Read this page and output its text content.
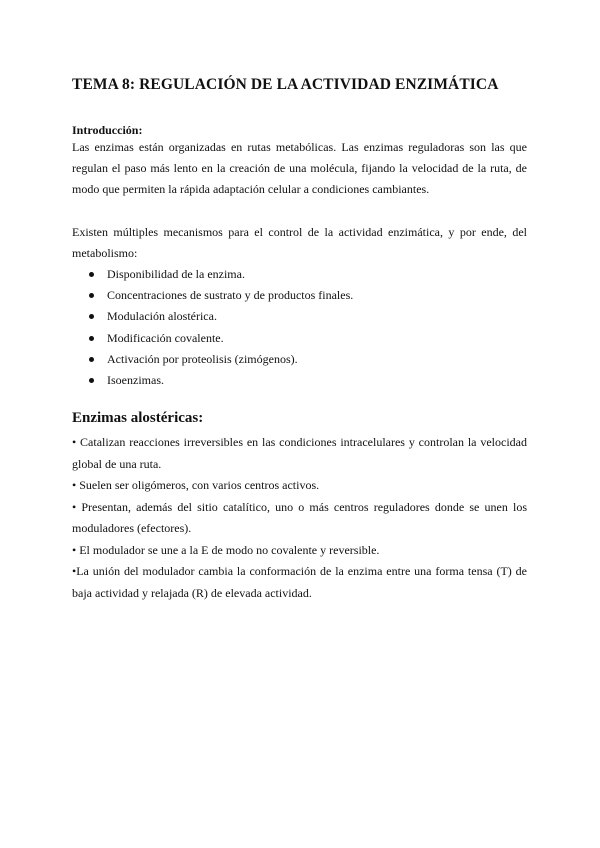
TEMA 8: REGULACIÓN DE LA ACTIVIDAD ENZIMÁTICA
Introducción:
Las enzimas están organizadas en rutas metabólicas. Las enzimas reguladoras son las que regulan el paso más lento en la creación de una molécula, fijando la velocidad de la ruta, de modo que permiten la rápida adaptación celular a condiciones cambiantes.
Existen múltiples mecanismos para el control de la actividad enzimática, y por ende, del metabolismo:
Disponibilidad de la enzima.
Concentraciones de sustrato y de productos finales.
Modulación alostérica.
Modificación covalente.
Activación por proteolisis (zimógenos).
Isoenzimas.
Enzimas alostéricas:
• Catalizan reacciones irreversibles en las condiciones intracelulares y controlan la velocidad global de una ruta.
• Suelen ser oligómeros, con varios centros activos.
• Presentan, además del sitio catalítico, uno o más centros reguladores donde se unen los moduladores (efectores).
• El modulador se une a la E de modo no covalente y reversible.
•La unión del modulador cambia la conformación de la enzima entre una forma tensa (T) de baja actividad y relajada (R) de elevada actividad.
